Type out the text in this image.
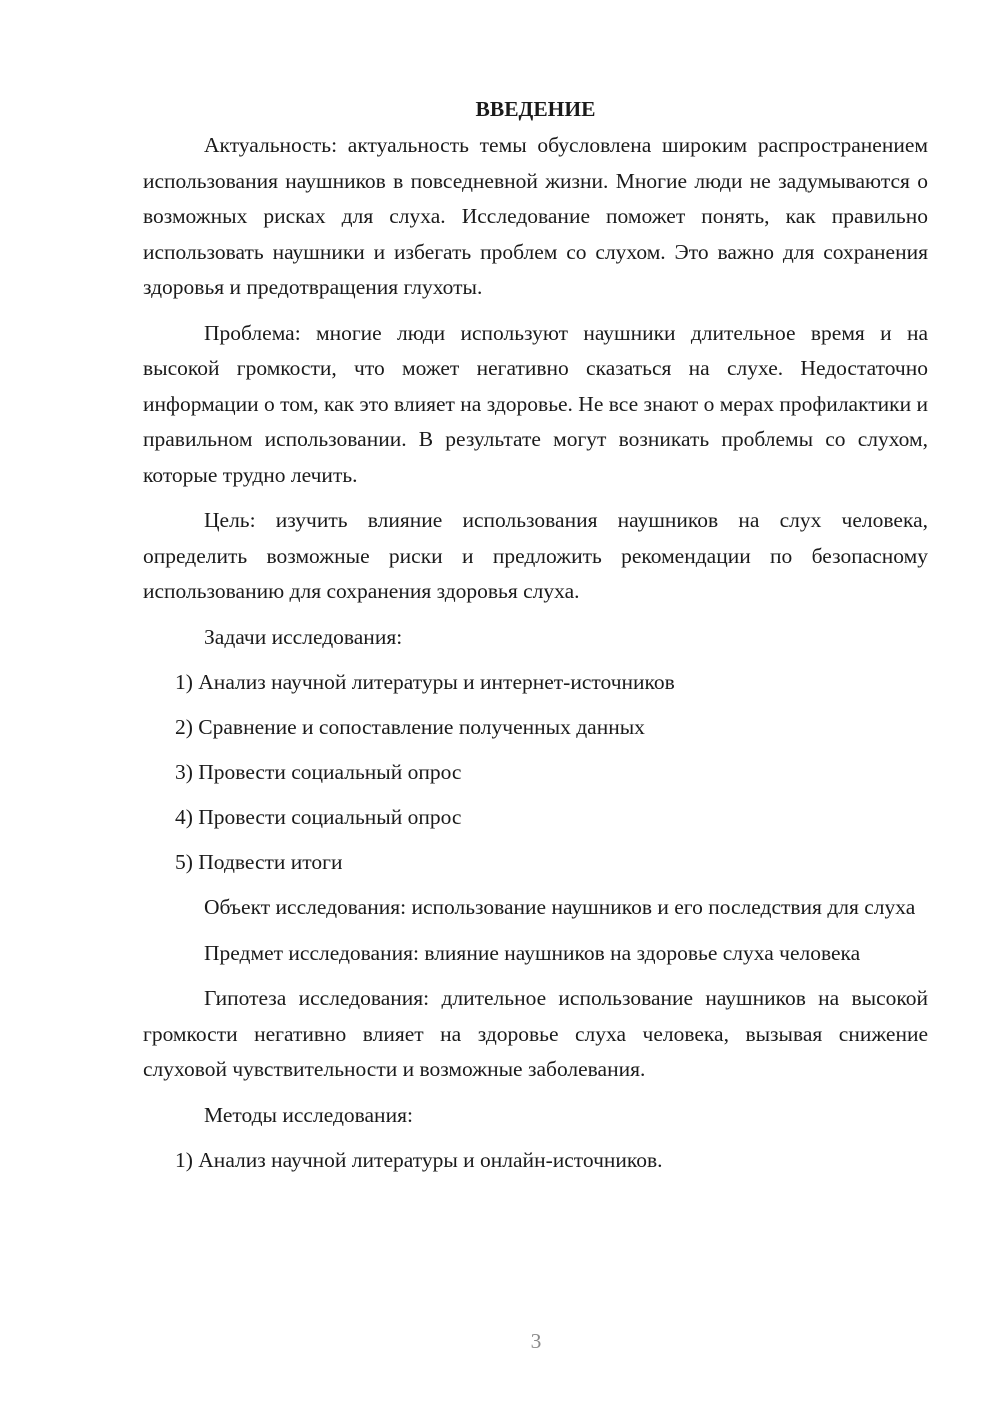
ВВЕДЕНИЕ

Актуальность: актуальность темы обусловлена широким распространением использования наушников в повседневной жизни. Многие люди не задумываются о возможных рисках для слуха. Исследование поможет понять, как правильно использовать наушники и избегать проблем со слухом. Это важно для сохранения здоровья и предотвращения глухоты.

Проблема: многие люди используют наушники длительное время и на высокой громкости, что может негативно сказаться на слухе. Недостаточно информации о том, как это влияет на здоровье. Не все знают о мерах профилактики и правильном использовании. В результате могут возникать проблемы со слухом, которые трудно лечить.

Цель: изучить влияние использования наушников на слух человека, определить возможные риски и предложить рекомендации по безопасному использованию для сохранения здоровья слуха.

Задачи исследования:

1) Анализ научной литературы и интернет-источников
2) Сравнение и сопоставление полученных данных
3) Провести социальный опрос
4) Провести социальный опрос
5) Подвести итоги

Объект исследования: использование наушников и его последствия для слуха

Предмет исследования: влияние наушников на здоровье слуха человека

Гипотеза исследования: длительное использование наушников на высокой громкости негативно влияет на здоровье слуха человека, вызывая снижение слуховой чувствительности и возможные заболевания.

Методы исследования:

1) Анализ научной литературы и онлайн-источников.
3
